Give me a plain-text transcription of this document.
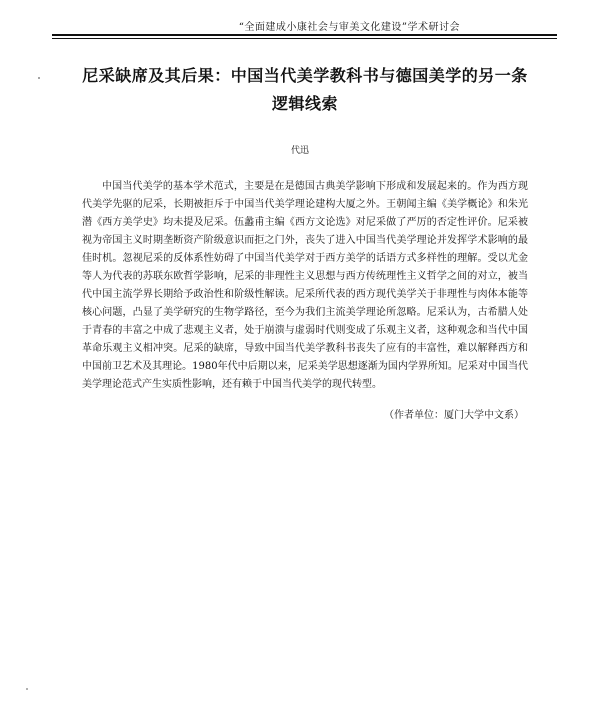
“全面建成小康社会与审美文化建设”学术研讨会
尼采缺席及其后果：中国当代美学教科书与德国美学的另一条逻辑线索
代迅

中国当代美学的基本学术范式，主要是在是德国古典美学影响下形成和发展起来的。作为西方现代美学先驱的尼采，长期被拒斥于中国当代美学理论建构大厦之外。王朝闻主编《美学概论》和朱光潜《西方美学史》均未提及尼采。伍蠡甫主编《西方文论选》对尼采做了严厉的否定性评价。尼采被视为帝国主义时期垄断资产阶级意识而拒之门外，丧失了进入中国当代美学理论并发挥学术影响的最佳时机。忽视尼采的反体系性妨碍了中国当代美学对于西方美学的话语方式多样性的理解。受以尤金等人为代表的苏联东欧哲学影响，尼采的非理性主义思想与西方传统理性主义哲学之间的对立，被当代中国主流学界长期给予政治性和阶级性解读。尼采所代表的西方现代美学关于非理性与肉体本能等核心问题，凸显了美学研究的生物学路径，至今为我们主流美学理论所忽略。尼采认为，古希腊人处于青春的丰富之中成了悲观主义者，处于崩溃与虚弱时代则变成了乐观主义者，这种观念和当代中国革命乐观主义相冲突。尼采的缺席，导致中国当代美学教科书丧失了应有的丰富性，难以解释西方和中国前卫艺术及其理论。1980年代中后期以来，尼采美学思想逐渐为国内学界所知。尼采对中国当代美学理论范式产生实质性影响，还有赖于中国当代美学的现代转型。

（作者单位：厦门大学中文系）
